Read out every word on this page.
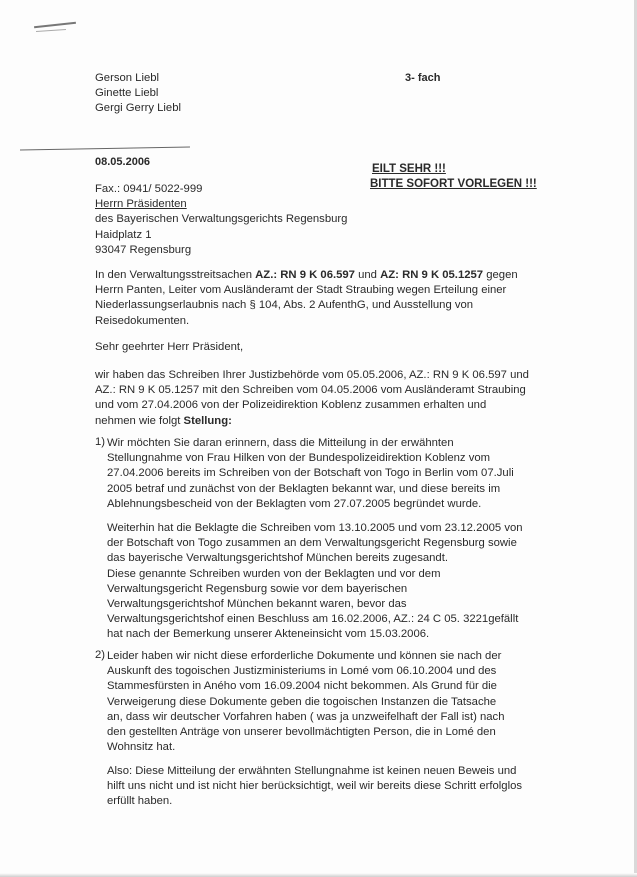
Gerson Liebl
Ginette Liebl
Gergi Gerry Liebl
3- fach
08.05.2006
EILT SEHR !!!
BITTE SOFORT VORLEGEN !!!
Fax.: 0941/ 5022-999
Herrn Präsidenten
des Bayerischen Verwaltungsgerichts Regensburg
Haidplatz 1
93047 Regensburg
In den Verwaltungsstreitsachen AZ.: RN 9 K 06.597 und AZ: RN 9 K 05.1257 gegen
Herrn Panten, Leiter vom Ausländeramt der Stadt Straubing wegen Erteilung einer
Niederlassungserlaubnis nach § 104, Abs. 2 AufenthG, und Ausstellung von
Reisedokumenten.
Sehr geehrter Herr Präsident,
wir haben das Schreiben Ihrer Justizbehörde vom 05.05.2006, AZ.: RN 9 K 06.597 und
AZ.: RN 9 K 05.1257 mit den Schreiben vom 04.05.2006 vom Ausländeramt Straubing
und vom 27.04.2006 von der Polizeidirektion Koblenz zusammen erhalten und
nehmen wie folgt Stellung:
1) Wir möchten Sie daran erinnern, dass die Mitteilung in der erwähnten
Stellungnahme von Frau Hilken von der Bundespolizeidirektion Koblenz vom
27.04.2006 bereits im Schreiben von der Botschaft von Togo in Berlin vom 07.Juli
2005 betraf und zunächst von der Beklagten bekannt war, und diese bereits im
Ablehnungsbescheid von der Beklagten vom 27.07.2005 begründet wurde.
Weiterhin hat die Beklagte die Schreiben vom 13.10.2005 und vom 23.12.2005 von
der Botschaft von Togo zusammen an dem Verwaltungsgericht Regensburg sowie
das bayerische Verwaltungsgerichtshof München bereits zugesandt.
Diese genannte Schreiben wurden von der Beklagten und vor dem
Verwaltungsgericht Regensburg sowie vor dem bayerischen
Verwaltungsgerichtshof München bekannt waren, bevor das
Verwaltungsgerichtshof einen Beschluss am 16.02.2006, AZ.: 24 C 05. 3221gefällt
hat nach der Bemerkung unserer Akteneinsicht vom 15.03.2006.
2) Leider haben wir nicht diese erforderliche Dokumente und können sie nach der
Auskunft des togoischen Justizministeriums in Lomé vom 06.10.2004 und des
Stammesfürsten in Aného vom 16.09.2004 nicht bekommen. Als Grund für die
Verweigerung diese Dokumente geben die togoischen Instanzen die Tatsache
an, dass wir deutscher Vorfahren haben ( was ja unzweifelhaft der Fall ist) nach
den gestellten Anträge von unserer bevollmächtigten Person, die in Lomé den
Wohnsitz hat.
Also: Diese Mitteilung der erwähnten Stellungnahme ist keinen neuen Beweis und
hilft uns nicht und ist nicht hier berücksichtigt, weil wir bereits diese Schritt erfolglos
erfüllt haben.
